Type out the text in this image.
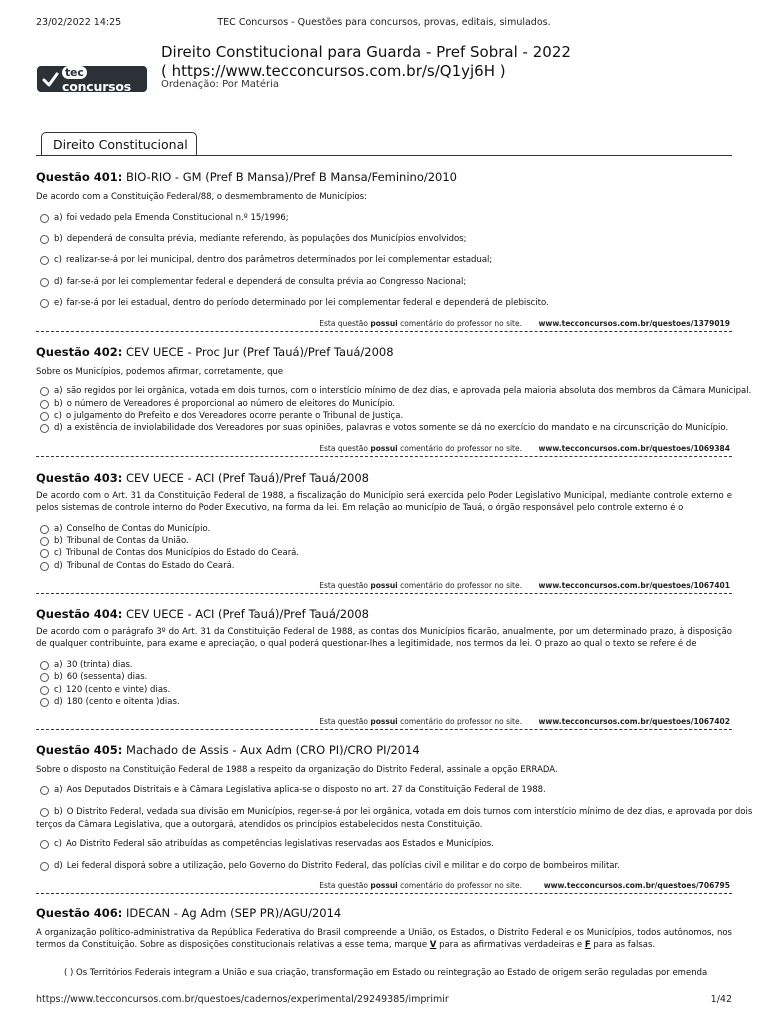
23/02/2022 14:25	TEC Concursos - Questões para concursos, provas, editais, simulados.
tecconcursos
Direito Constitucional para Guarda - Pref Sobral - 2022 ( https://www.tecconcursos.com.br/s/Q1yj6H )
Ordenação: Por Matéria
Direito Constitucional
Questão 401: BIO-RIO - GM (Pref B Mansa)/Pref B Mansa/Feminino/2010
De acordo com a Constituição Federal/88, o desmembramento de Municípios:
a) foi vedado pela Emenda Constitucional n.º 15/1996;
b) dependerá de consulta prévia, mediante referendo, às populações dos Municípios envolvidos;
c) realizar-se-á por lei municipal, dentro dos parâmetros determinados por lei complementar estadual;
d) far-se-á por lei complementar federal e dependerá de consulta prévia ao Congresso Nacional;
e) far-se-á por lei estadual, dentro do período determinado por lei complementar federal e dependerá de plebiscito.
Esta questão possui comentário do professor no site. www.tecconcursos.com.br/questoes/1379019
Questão 402: CEV UECE - Proc Jur (Pref Tauá)/Pref Tauá/2008
Sobre os Municípios, podemos afirmar, corretamente, que
a) são regidos por lei orgânica, votada em dois turnos, com o interstício mínimo de dez dias, e aprovada pela maioria absoluta dos membros da Câmara Municipal.
b) o número de Vereadores é proporcional ao número de eleitores do Município.
c) o julgamento do Prefeito e dos Vereadores ocorre perante o Tribunal de Justiça.
d) a existência de inviolabilidade dos Vereadores por suas opiniões, palavras e votos somente se dá no exercício do mandato e na circunscrição do Município.
Esta questão possui comentário do professor no site. www.tecconcursos.com.br/questoes/1069384
Questão 403: CEV UECE - ACI (Pref Tauá)/Pref Tauá/2008
De acordo com o Art. 31 da Constituição Federal de 1988, a fiscalização do Município será exercida pelo Poder Legislativo Municipal, mediante controle externo e pelos sistemas de controle interno do Poder Executivo, na forma da lei. Em relação ao município de Tauá, o órgão responsável pelo controle externo é o
a) Conselho de Contas do Município.
b) Tribunal de Contas da União.
c) Tribunal de Contas dos Municípios do Estado do Ceará.
d) Tribunal de Contas do Estado do Ceará.
Esta questão possui comentário do professor no site. www.tecconcursos.com.br/questoes/1067401
Questão 404: CEV UECE - ACI (Pref Tauá)/Pref Tauá/2008
De acordo com o parágrafo 3º do Art. 31 da Constituição Federal de 1988, as contas dos Municípios ficarão, anualmente, por um determinado prazo, à disposição de qualquer contribuinte, para exame e apreciação, o qual poderá questionar-lhes a legitimidade, nos termos da lei. O prazo ao qual o texto se refere é de
a) 30 (trinta) dias.
b) 60 (sessenta) dias.
c) 120 (cento e vinte) dias.
d) 180 (cento e oitenta )dias.
Esta questão possui comentário do professor no site. www.tecconcursos.com.br/questoes/1067402
Questão 405: Machado de Assis - Aux Adm (CRO PI)/CRO PI/2014
Sobre o disposto na Constituição Federal de 1988 a respeito da organização do Distrito Federal, assinale a opção ERRADA.
a) Aos Deputados Distritais e à Câmara Legislativa aplica-se o disposto no art. 27 da Constituição Federal de 1988.
b) O Distrito Federal, vedada sua divisão em Municípios, reger-se-á por lei orgânica, votada em dois turnos com interstício mínimo de dez dias, e aprovada por dois
terços da Câmara Legislativa, que a outorgará, atendidos os princípios estabelecidos nesta Constituição.
c) Ao Distrito Federal são atribuídas as competências legislativas reservadas aos Estados e Municípios.
d) Lei federal disporá sobre a utilização, pelo Governo do Distrito Federal, das polícias civil e militar e do corpo de bombeiros militar.
Esta questão possui comentário do professor no site.	www.tecconcursos.com.br/questoes/706795
Questão 406: IDECAN - Ag Adm (SEP PR)/AGU/2014
A organização político-administrativa da República Federativa do Brasil compreende a União, os Estados, o Distrito Federal e os Municípios, todos autônomos, nos termos da Constituição. Sobre as disposições constitucionais relativas a esse tema, marque V para as afirmativas verdadeiras e F para as falsas.
( ) Os Territórios Federais integram a União e sua criação, transformação em Estado ou reintegração ao Estado de origem serão reguladas por emenda
https://www.tecconcursos.com.br/questoes/cadernos/experimental/29249385/imprimir	1/42
